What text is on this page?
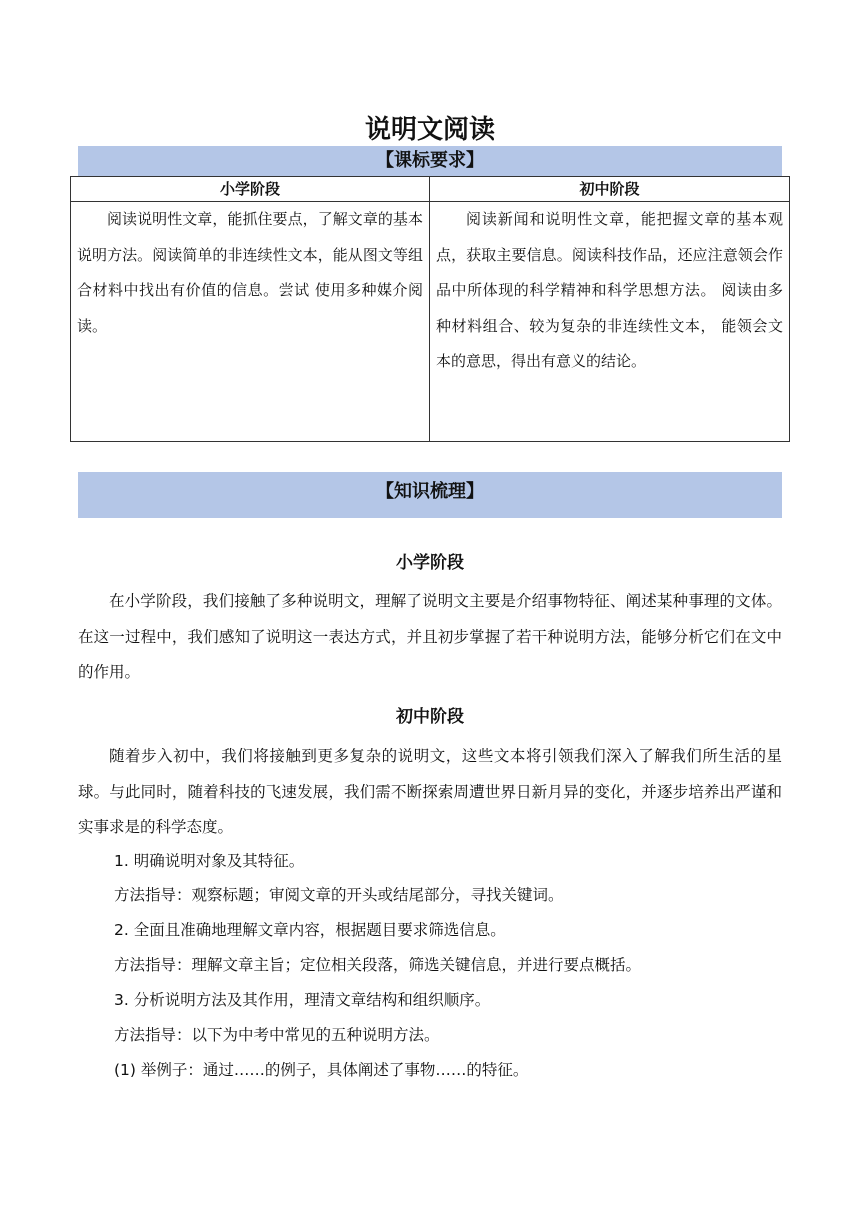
说明文阅读
【课标要求】
小学阶段	初中阶段
阅读说明性文章，能抓住要点，了解文章的基本说明方法。阅读简单的非连续性文本，能从图文等组合材料中找出有价值的信息。尝试 使用多种媒介阅读。	阅读新闻和说明性文章，能把握文章的基本观点，获取主要信息。阅读科技作品，还应注意领会作品中所体现的科学精神和科学思想方法。 阅读由多种材料组合、较为复杂的非连续性文本， 能领会文本的意思，得出有意义的结论。
【知识梳理】
小学阶段

在小学阶段，我们接触了多种说明文，理解了说明文主要是介绍事物特征、阐述某种事理的文体。在这一过程中，我们感知了说明这一表达方式，并且初步掌握了若干种说明方法，能够分析它们在文中的作用。

初中阶段

随着步入初中，我们将接触到更多复杂的说明文，这些文本将引领我们深入了解我们所生活的星球。与此同时，随着科技的飞速发展，我们需不断探索周遭世界日新月异的变化，并逐步培养出严谨和实事求是的科学态度。

1. 明确说明对象及其特征。

方法指导：观察标题；审阅文章的开头或结尾部分，寻找关键词。

2. 全面且准确地理解文章内容，根据题目要求筛选信息。

方法指导：理解文章主旨；定位相关段落，筛选关键信息，并进行要点概括。

3. 分析说明方法及其作用，理清文章结构和组织顺序。

方法指导：以下为中考中常见的五种说明方法。

(1) 举例子：通过……的例子，具体阐述了事物……的特征。
